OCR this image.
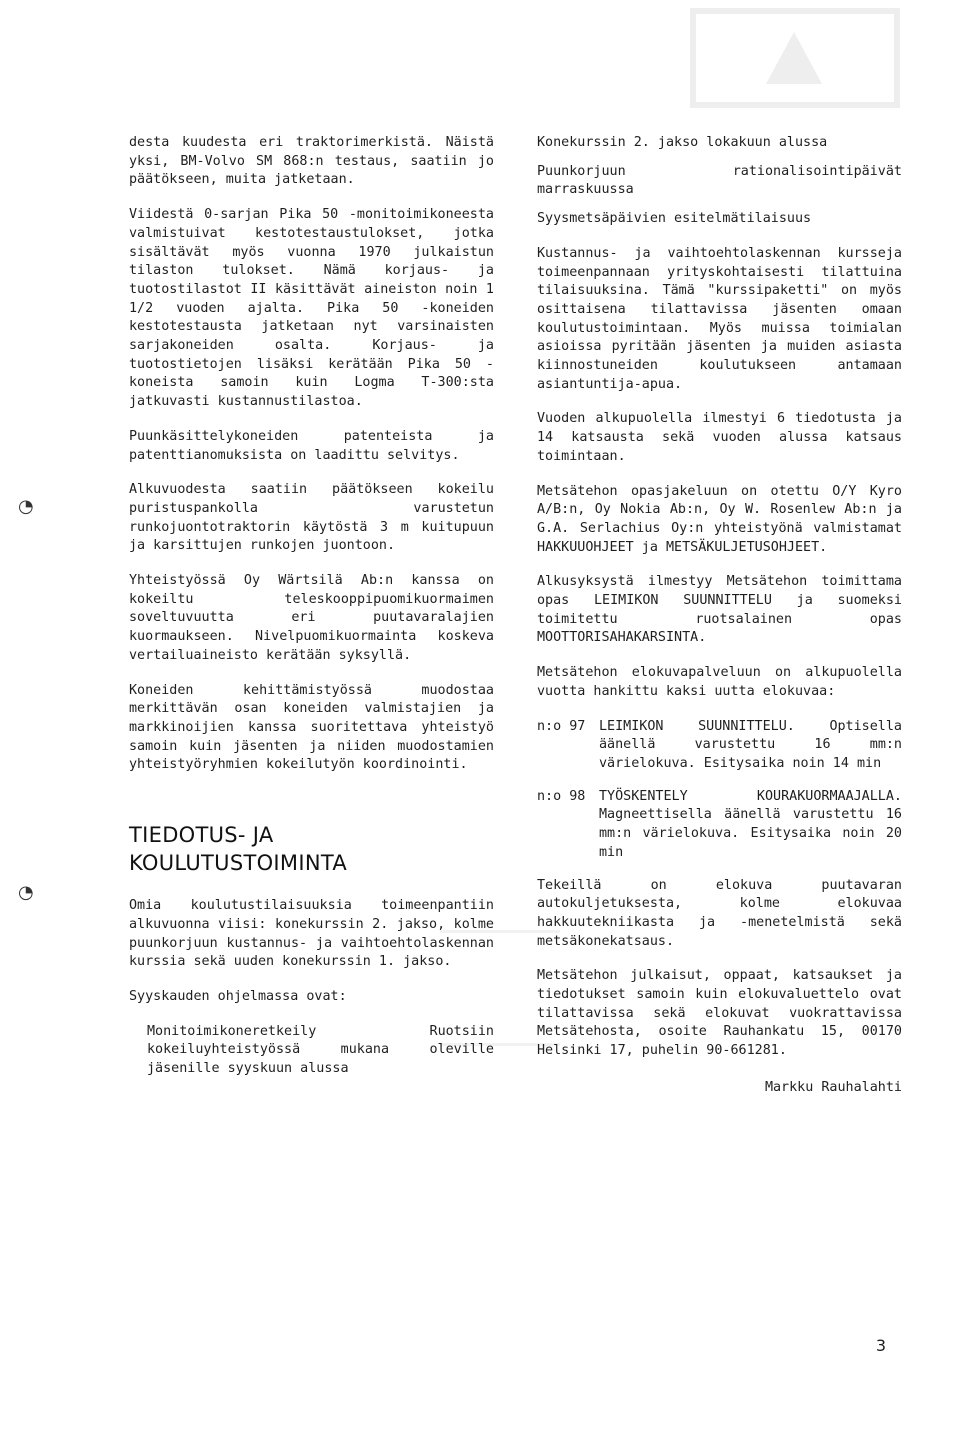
◔
◔

desta kuudesta eri traktorimerkistä. Näistä yksi, BM-Volvo SM 868:n testaus, saatiin jo päätökseen, muita jatketaan.

Viidestä 0-sarjan Pika 50 -monitoimikoneesta valmistuivat kestotestaustulokset, jotka sisältävät myös vuonna 1970 julkaistun tilaston tulokset. Nämä korjaus- ja tuotostilastot II käsittävät aineiston noin 1 1/2 vuoden ajalta. Pika 50 -koneiden kestotestausta jatketaan nyt varsinaisten sarjakoneiden osalta. Korjaus- ja tuotostietojen lisäksi kerätään Pika 50 -koneista samoin kuin Logma T-300:sta jatkuvasti kustannustilastoa.

Puunkäsittelykoneiden patenteista ja patenttianomuksista on laadittu selvitys.

Alkuvuodesta saatiin päätökseen kokeilu puristuspankolla varustetun runkojuontotraktorin käytöstä 3 m kuitupuun ja karsittujen runkojen juontoon.

Yhteistyössä Oy Wärtsilä Ab:n kanssa on kokeiltu teleskooppipuomikuormaimen soveltuvuutta eri puutavaralajien kuormaukseen. Nivelpuomikuormainta koskeva vertailuaineisto kerätään syksyllä.

Koneiden kehittämistyössä muodostaa merkittävän osan koneiden valmistajien ja markkinoijien kanssa suoritettava yhteistyö samoin kuin jäsenten ja niiden muodostamien yhteistyöryhmien kokeilutyön koordinointi.

TIEDOTUS- JA
KOULUTUSTOIMINTA

Omia koulutustilaisuuksia toimeenpantiin alkuvuonna viisi: konekurssin 2. jakso, kolme puunkorjuun kustannus- ja vaihtoehtolaskennan kurssia sekä uuden konekurssin 1. jakso.

Syyskauden ohjelmassa ovat:

Monitoimikoneretkeily Ruotsiin kokeiluyhteistyössä mukana oleville jäsenille syyskuun alussa

Konekurssin 2. jakso lokakuun alussa

Puunkorjuun rationalisointipäivät marraskuussa

Syysmetsäpäivien esitelmätilaisuus

Kustannus- ja vaihtoehtolaskennan kursseja toimeenpannaan yrityskohtaisesti tilattuina tilaisuuksina. Tämä "kurssipaketti" on myös osittaisena tilattavissa jäsenten omaan koulutustoimintaan. Myös muissa toimialan asioissa pyritään jäsenten ja muiden asiasta kiinnostuneiden koulutukseen antamaan asiantuntija-apua.

Vuoden alkupuolella ilmestyi 6 tiedotusta ja 14 katsausta sekä vuoden alussa katsaus toimintaan.

Metsätehon opasjakeluun on otettu O/Y Kyro A/B:n, Oy Nokia Ab:n, Oy W. Rosenlew Ab:n ja G.A. Serlachius Oy:n yhteistyönä valmistamat HAKKUUOHJEET ja METSÄKULJETUSOHJEET.

Alkusyksystä ilmestyy Metsätehon toimittama opas LEIMIKON SUUNNITTELU ja suomeksi toimitettu ruotsalainen opas MOOTTORISAHAKARSINTA.

Metsätehon elokuvapalveluun on alkupuolella vuotta hankittu kaksi uutta elokuvaa:

n:o 97	LEIMIKON SUUNNITTELU. Optisella äänellä varustettu 16 mm:n värielokuva. Esitysaika noin 14 min
n:o 98	TYÖSKENTELY KOURAKUORMAAJALLA. Magneettisella äänellä varustettu 16 mm:n värielokuva. Esitysaika noin 20 min

Tekeillä on elokuva puutavaran autokuljetuksesta, kolme elokuvaa hakkuutekniikasta ja -menetelmistä sekä metsäkonekatsaus.

Metsätehon julkaisut, oppaat, katsaukset ja tiedotukset samoin kuin elokuvaluettelo ovat tilattavissa sekä elokuvat vuokrattavissa Metsätehosta, osoite Rauhankatu 15, 00170 Helsinki 17, puhelin 90-661281.

Markku Rauhalahti
3
